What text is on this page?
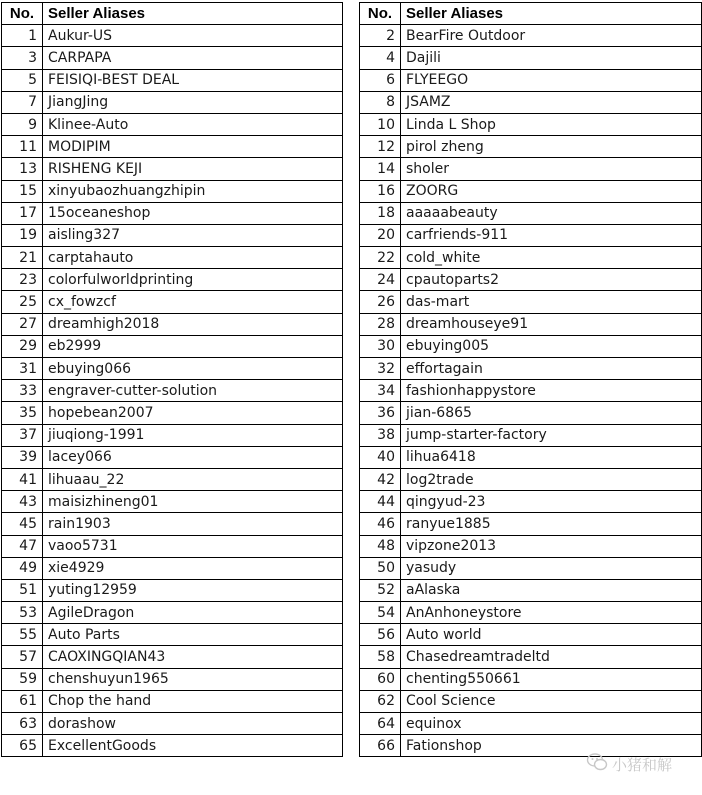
No.	Seller Aliases
1	Aukur-US
3	CARPAPA
5	FEISIQI-BEST DEAL
7	JiangJing
9	Klinee-Auto
11	MODIPIM
13	RISHENG KEJI
15	xinyubaozhuangzhipin
17	15oceaneshop
19	aisling327
21	carptahauto
23	colorfulworldprinting
25	cx_fowzcf
27	dreamhigh2018
29	eb2999
31	ebuying066
33	engraver-cutter-solution
35	hopebean2007
37	jiuqiong-1991
39	lacey066
41	lihuaau_22
43	maisizhineng01
45	rain1903
47	vaoo5731
49	xie4929
51	yuting12959
53	AgileDragon
55	Auto Parts
57	CAOXINGQIAN43
59	chenshuyun1965
61	Chop the hand
63	dorashow
65	ExcellentGoods
No.	Seller Aliases
2	BearFire Outdoor
4	Dajili
6	FLYEEGO
8	JSAMZ
10	Linda L Shop
12	pirol zheng
14	sholer
16	ZOORG
18	aaaaabeauty
20	carfriends-911
22	cold_white
24	cpautoparts2
26	das-mart
28	dreamhouseye91
30	ebuying005
32	effortagain
34	fashionhappystore
36	jian-6865
38	jump-starter-factory
40	lihua6418
42	log2trade
44	qingyud-23
46	ranyue1885
48	vipzone2013
50	yasudy
52	aAlaska
54	AnAnhoneystore
56	Auto world
58	Chasedreamtradeltd
60	chenting550661
62	Cool Science
64	equinox
66	Fationshop
小猪和解
